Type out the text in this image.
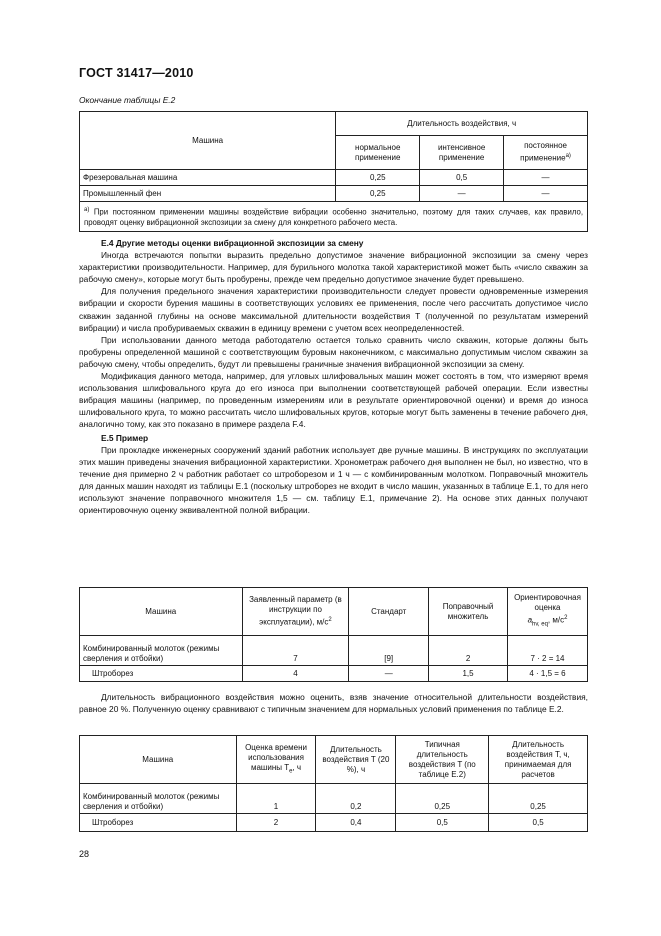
ГОСТ 31417—2010
Окончание таблицы Е.2
Машина	Длительность воздействия, ч		
	нормальное применение	интенсивное применение	постоянное применение$^{а)}$
Фрезеровальная машина	0,25	0,5	—
Промышленный фен	0,25	—	—
$^{а)}$ При постоянном применении машины воздействие вибрации особенно значительно, поэтому для таких случаев, как правило, проводят оценку вибрационной экспозиции за смену для конкретного рабочего места.			

Е.4 Другие методы оценки вибрационной экспозиции за смену

Иногда встречаются попытки выразить предельно допустимое значение вибрационной экспозиции за смену через характеристики производительности. Например, для бурильного молотка такой характеристикой может быть «число скважин за рабочую смену», которые могут быть пробурены, прежде чем предельно допустимое значение будет превышено.

Для получения предельного значения характеристики производительности следует провести одновременные измерения вибрации и скорости бурения машины в соответствующих условиях ее применения, после чего рассчитать допустимое число скважин заданной глубины на основе максимальной длительности воздействия T (полученной по результатам измерений вибрации) и числа пробуриваемых скважин в единицу времени с учетом всех неопределенностей.

При использовании данного метода работодателю остается только сравнить число скважин, которые должны быть пробурены определенной машиной с соответствующим буровым наконечником, с максимально допустимым числом скважин за рабочую смену, чтобы определить, будут ли превышены граничные значения вибрационной экспозиции за смену.

Модификация данного метода, например, для угловых шлифовальных машин может состоять в том, что измеряют время использования шлифовального круга до его износа при выполнении соответствующей рабочей операции. Если известны вибрация машины (например, по проведенным измерениям или в результате ориентировочной оценки) и время до износа шлифовального круга, то можно рассчитать число шлифовальных кругов, которые могут быть заменены в течение рабочего дня, аналогично тому, как это показано в примере раздела F.4.

Е.5 Пример

При прокладке инженерных сооружений зданий работник использует две ручные машины. В инструкциях по эксплуатации этих машин приведены значения вибрационной характеристики. Хронометраж рабочего дня выполнен не был, но известно, что в течение дня примерно 2 ч работник работает со штроборезом и 1 ч — с комбинированным молотком. Поправочный множитель для данных машин находят из таблицы Е.1 (поскольку штроборез не входит в число машин, указанных в таблице Е.1, то для него используют значение поправочного множителя 1,5 — см. таблицу Е.1, примечание 2). На основе этих данных получают ориентировочную оценку эквивалентной полной вибрации.

Машина	Заявленный параметр (в инструкции по эксплуатации), $м/с^2$	Стандарт	Поправочный множитель	Ориентировочная оценка
$a_{hv, eq}$, $м/с^2$
Комбинированный молоток (режимы сверления и отбойки)	7	[9]	2	7 · 2 = 14
Штроборез	4	—	1,5	4 · 1,5 = 6

Длительность вибрационного воздействия можно оценить, взяв значение относительной длительности воздействия, равное 20 %. Полученную оценку сравнивают с типичным значением для нормальных условий применения по таблице Е.2.

Машина	Оценка времени использования машины $T_e$, ч	Длительность воздействия T (20 %), ч	Типичная длительность воздействия T (по таблице Е.2)	Длительность воздействия T, ч, принимаемая для расчетов
Комбинированный молоток (режимы сверления и отбойки)	1	0,2	0,25	0,25
Штроборез	2	0,4	0,5	0,5
28
